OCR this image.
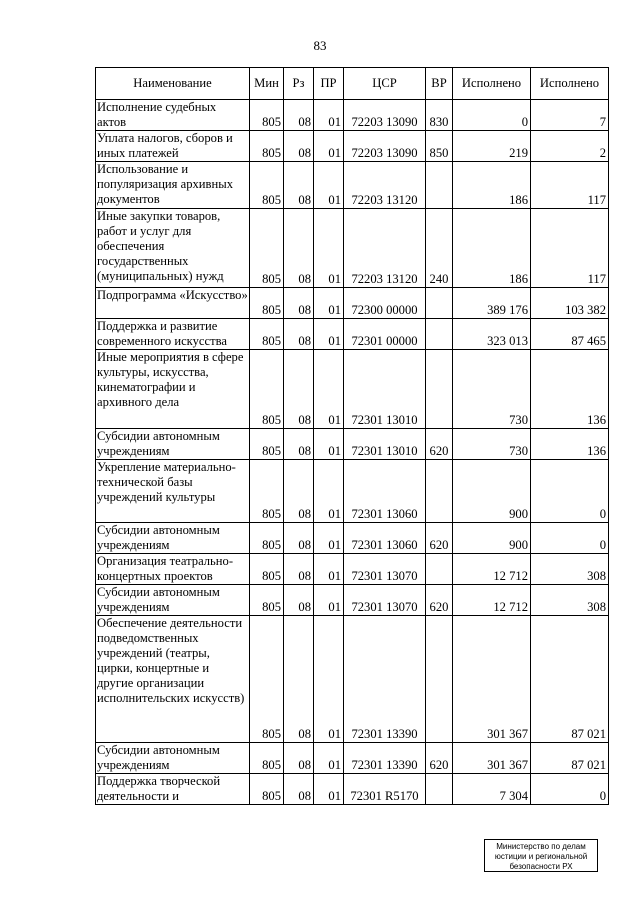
83
Наименование	Мин	Рз	ПР	ЦСР	ВР	Исполнено	Исполнено
Исполнение судебных актов	805	08	01	72203 13090	830	0	7
Уплата налогов, сборов и иных платежей	805	08	01	72203 13090	850	219	2
Использование и популяризация архивных документов	805	08	01	72203 13120		186	117
Иные закупки товаров, работ и услуг для обеспечения государственных (муниципальных) нужд	805	08	01	72203 13120	240	186	117
Подпрограмма «Искусство»	805	08	01	72300 00000		389 176	103 382
Поддержка и развитие современного искусства	805	08	01	72301 00000		323 013	87 465
Иные мероприятия в сфере культуры, искусства, кинематографии и архивного дела	805	08	01	72301 13010		730	136
Субсидии автономным учреждениям	805	08	01	72301 13010	620	730	136
Укрепление материально-технической базы учреждений культуры	805	08	01	72301 13060		900	0
Субсидии автономным учреждениям	805	08	01	72301 13060	620	900	0
Организация театрально-концертных проектов	805	08	01	72301 13070		12 712	308
Субсидии автономным учреждениям	805	08	01	72301 13070	620	12 712	308
Обеспечение деятельности подведомственных учреждений (театры, цирки, концертные и другие организации исполнительских искусств)	805	08	01	72301 13390		301 367	87 021
Субсидии автономным учреждениям	805	08	01	72301 13390	620	301 367	87 021
Поддержка творческой деятельности и	805	08	01	72301 R5170		7 304	0
Министерство по делам
юстиции и региональной
безопасности РХ
